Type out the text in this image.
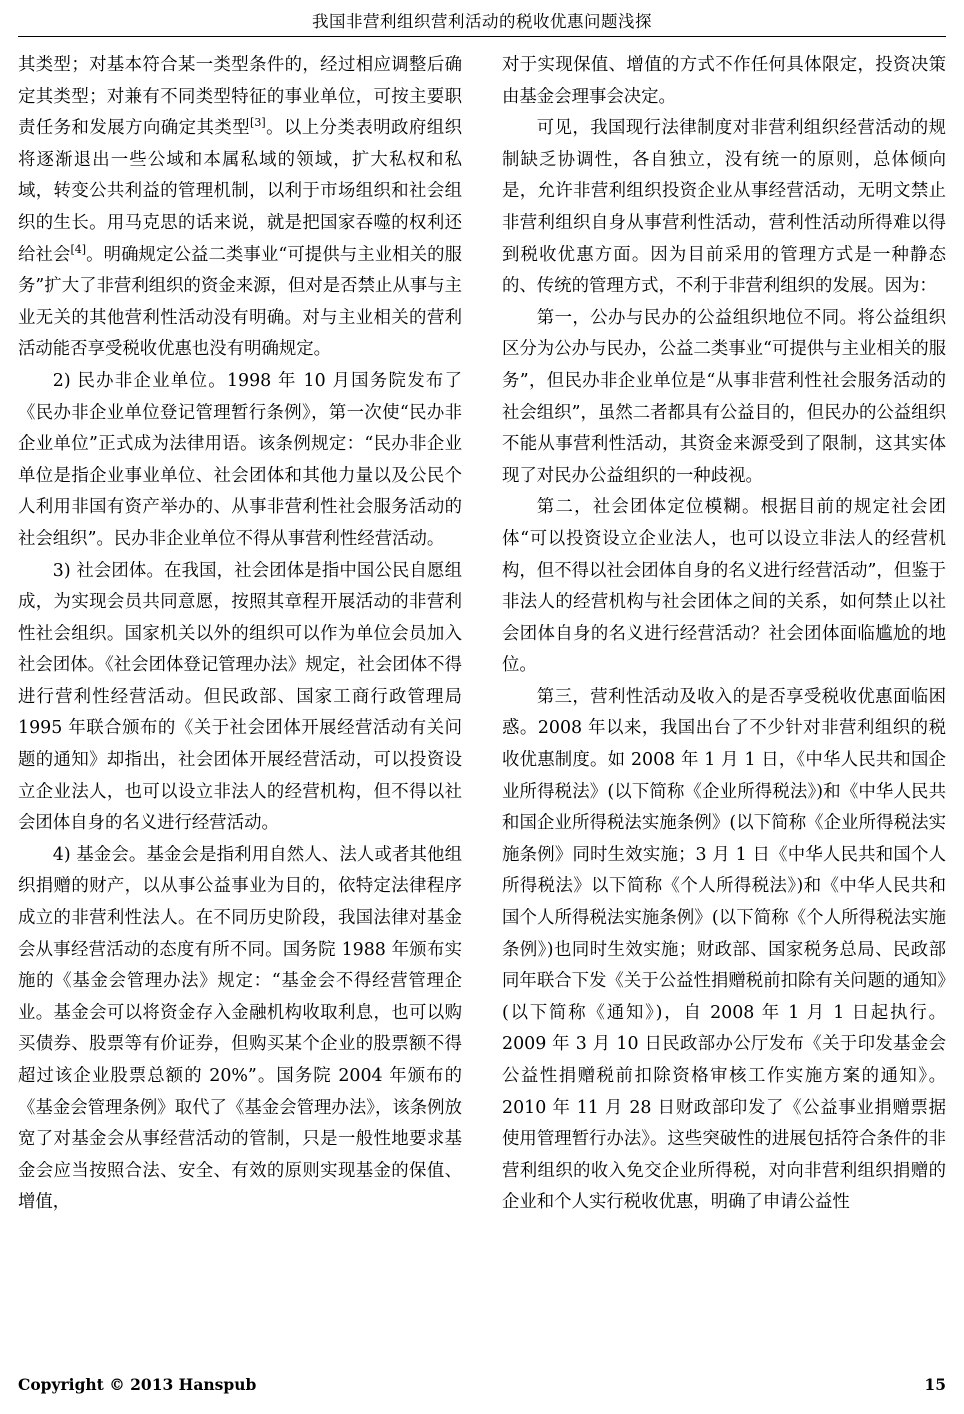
我国非营利组织营利活动的税收优惠问题浅探

其类型；对基本符合某一类型条件的，经过相应调整后确定其类型；对兼有不同类型特征的事业单位，可按主要职责任务和发展方向确定其类型[3]。以上分类表明政府组织将逐渐退出一些公域和本属私域的领域，扩大私权和私域，转变公共利益的管理机制，以利于市场组织和社会组织的生长。用马克思的话来说，就是把国家吞噬的权利还给社会[4]。明确规定公益二类事业“可提供与主业相关的服务”扩大了非营利组织的资金来源，但对是否禁止从事与主业无关的其他营利性活动没有明确。对与主业相关的营利活动能否享受税收优惠也没有明确规定。

2) 民办非企业单位。1998 年 10 月国务院发布了《民办非企业单位登记管理暂行条例》，第一次使“民办非企业单位”正式成为法律用语。该条例规定：“民办非企业单位是指企业事业单位、社会团体和其他力量以及公民个人利用非国有资产举办的、从事非营利性社会服务活动的社会组织”。民办非企业单位不得从事营利性经营活动。

3) 社会团体。在我国，社会团体是指中国公民自愿组成，为实现会员共同意愿，按照其章程开展活动的非营利性社会组织。国家机关以外的组织可以作为单位会员加入社会团体。《社会团体登记管理办法》规定，社会团体不得进行营利性经营活动。但民政部、国家工商行政管理局 1995 年联合颁布的《关于社会团体开展经营活动有关问题的通知》却指出，社会团体开展经营活动，可以投资设立企业法人，也可以设立非法人的经营机构，但不得以社会团体自身的名义进行经营活动。

4) 基金会。基金会是指利用自然人、法人或者其他组织捐赠的财产，以从事公益事业为目的，依特定法律程序成立的非营利性法人。在不同历史阶段，我国法律对基金会从事经营活动的态度有所不同。国务院 1988 年颁布实施的《基金会管理办法》规定：“基金会不得经营管理企业。基金会可以将资金存入金融机构收取利息，也可以购买债券、股票等有价证券，但购买某个企业的股票额不得超过该企业股票总额的 20%”。国务院 2004 年颁布的《基金会管理条例》取代了《基金会管理办法》，该条例放宽了对基金会从事经营活动的管制，只是一般性地要求基金会应当按照合法、安全、有效的原则实现基金的保值、增值，

对于实现保值、增值的方式不作任何具体限定，投资决策由基金会理事会决定。

可见，我国现行法律制度对非营利组织经营活动的规制缺乏协调性，各自独立，没有统一的原则，总体倾向是，允许非营利组织投资企业从事经营活动，无明文禁止非营利组织自身从事营利性活动，营利性活动所得难以得到税收优惠方面。因为目前采用的管理方式是一种静态的、传统的管理方式，不利于非营利组织的发展。因为：

第一，公办与民办的公益组织地位不同。将公益组织区分为公办与民办，公益二类事业“可提供与主业相关的服务”，但民办非企业单位是“从事非营利性社会服务活动的社会组织”，虽然二者都具有公益目的，但民办的公益组织不能从事营利性活动，其资金来源受到了限制，这其实体现了对民办公益组织的一种歧视。

第二，社会团体定位模糊。根据目前的规定社会团体“可以投资设立企业法人，也可以设立非法人的经营机构，但不得以社会团体自身的名义进行经营活动”，但鉴于非法人的经营机构与社会团体之间的关系，如何禁止以社会团体自身的名义进行经营活动？社会团体面临尴尬的地位。

第三，营利性活动及收入的是否享受税收优惠面临困惑。2008 年以来，我国出台了不少针对非营利组织的税收优惠制度。如 2008 年 1 月 1 日，《中华人民共和国企业所得税法》(以下简称《企业所得税法》)和《中华人民共和国企业所得税法实施条例》(以下简称《企业所得税法实施条例》同时生效实施；3 月 1 日《中华人民共和国个人所得税法》以下简称《个人所得税法》)和《中华人民共和国个人所得税法实施条例》(以下简称《个人所得税法实施条例》)也同时生效实施；财政部、国家税务总局、民政部同年联合下发《关于公益性捐赠税前扣除有关问题的通知》(以下简称《通知》)，自 2008 年 1 月 1 日起执行。2009 年 3 月 10 日民政部办公厅发布《关于印发基金会公益性捐赠税前扣除资格审核工作实施方案的通知》。2010 年 11 月 28 日财政部印发了《公益事业捐赠票据使用管理暂行办法》。这些突破性的进展包括符合条件的非营利组织的收入免交企业所得税，对向非营利组织捐赠的企业和个人实行税收优惠，明确了申请公益性

Copyright © 2013 Hanspub	15
